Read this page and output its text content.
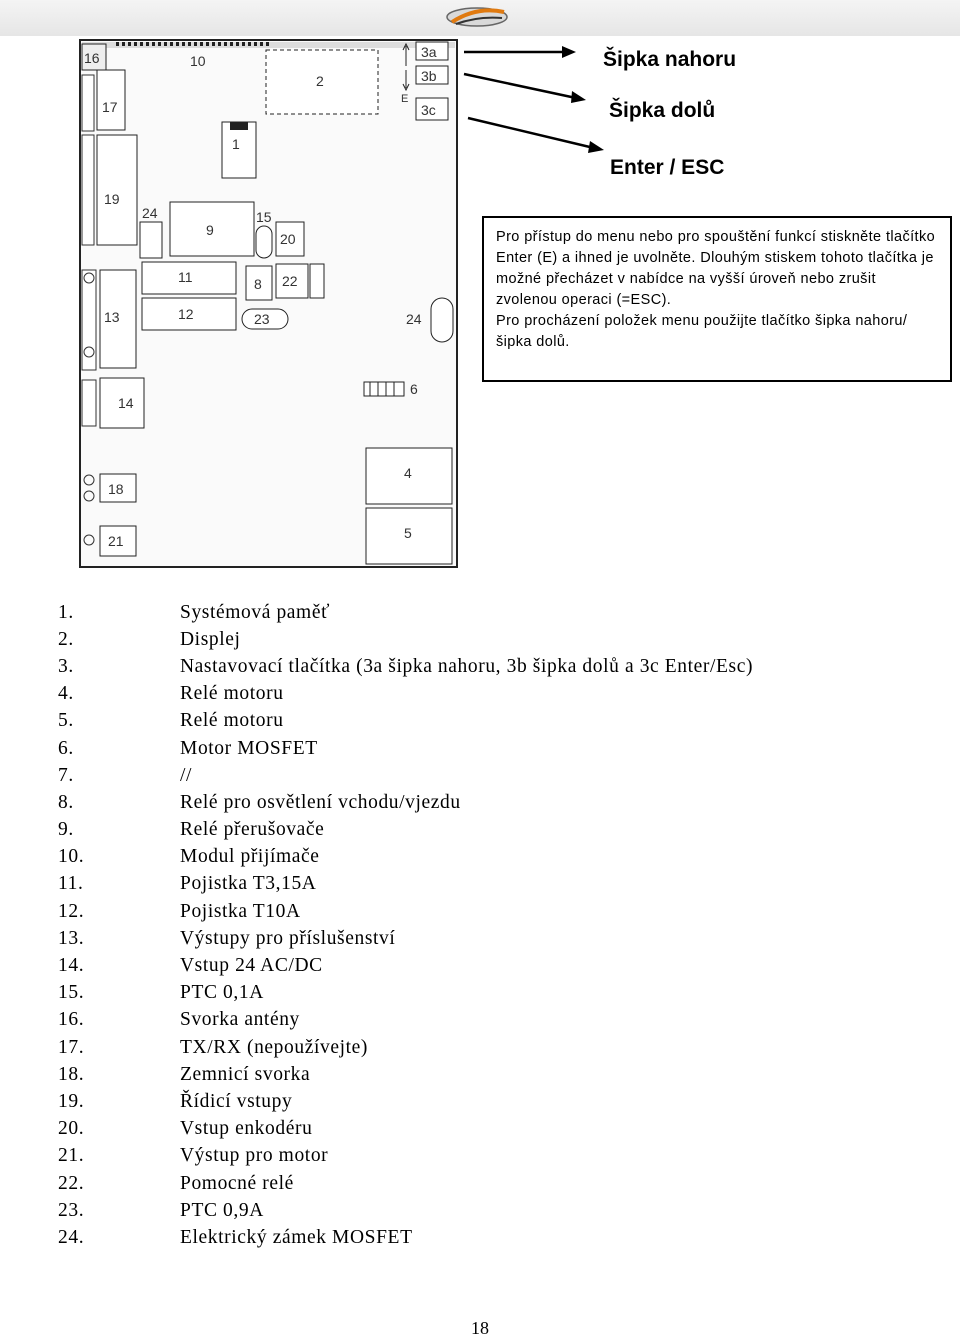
16	10
17
19
2
1
E
3a
3b
3c
24
9
15
20
11
12
8 22
23
13	24
6
14
4
5
18
21
Šipka nahoru
Šipka dolů
Enter / ESC

Pro přístup do menu nebo pro spouštění funkcí stiskněte tlačítko Enter (E) a ihned je uvolněte. Dlouhým stiskem tohoto tlačítka je možné přecházet v nabídce na vyšší úroveň nebo zrušit zvolenou operaci (=ESC).

Pro procházení položek menu použijte tlačítko šipka nahoru/šipka dolů.

1.	Systémová paměť
2.	Displej
3.	Nastavovací tlačítka (3a šipka nahoru, 3b šipka dolů a 3c Enter/Esc)
4.	Relé motoru
5.	Relé motoru
6.	Motor MOSFET
7.	//
8.	Relé pro osvětlení vchodu/vjezdu
9.	Relé přerušovače
10.	Modul přijímače
11.	Pojistka T3,15A
12.	Pojistka T10A
13.	Výstupy pro příslušenství
14.	Vstup 24 AC/DC
15.	PTC 0,1A
16.	Svorka antény
17.	TX/RX (nepoužívejte)
18.	Zemnicí svorka
19.	Řídicí vstupy
20.	Vstup enkodéru
21.	Výstup pro motor
22.	Pomocné relé
23.	PTC 0,9A
24.	Elektrický zámek MOSFET
18
